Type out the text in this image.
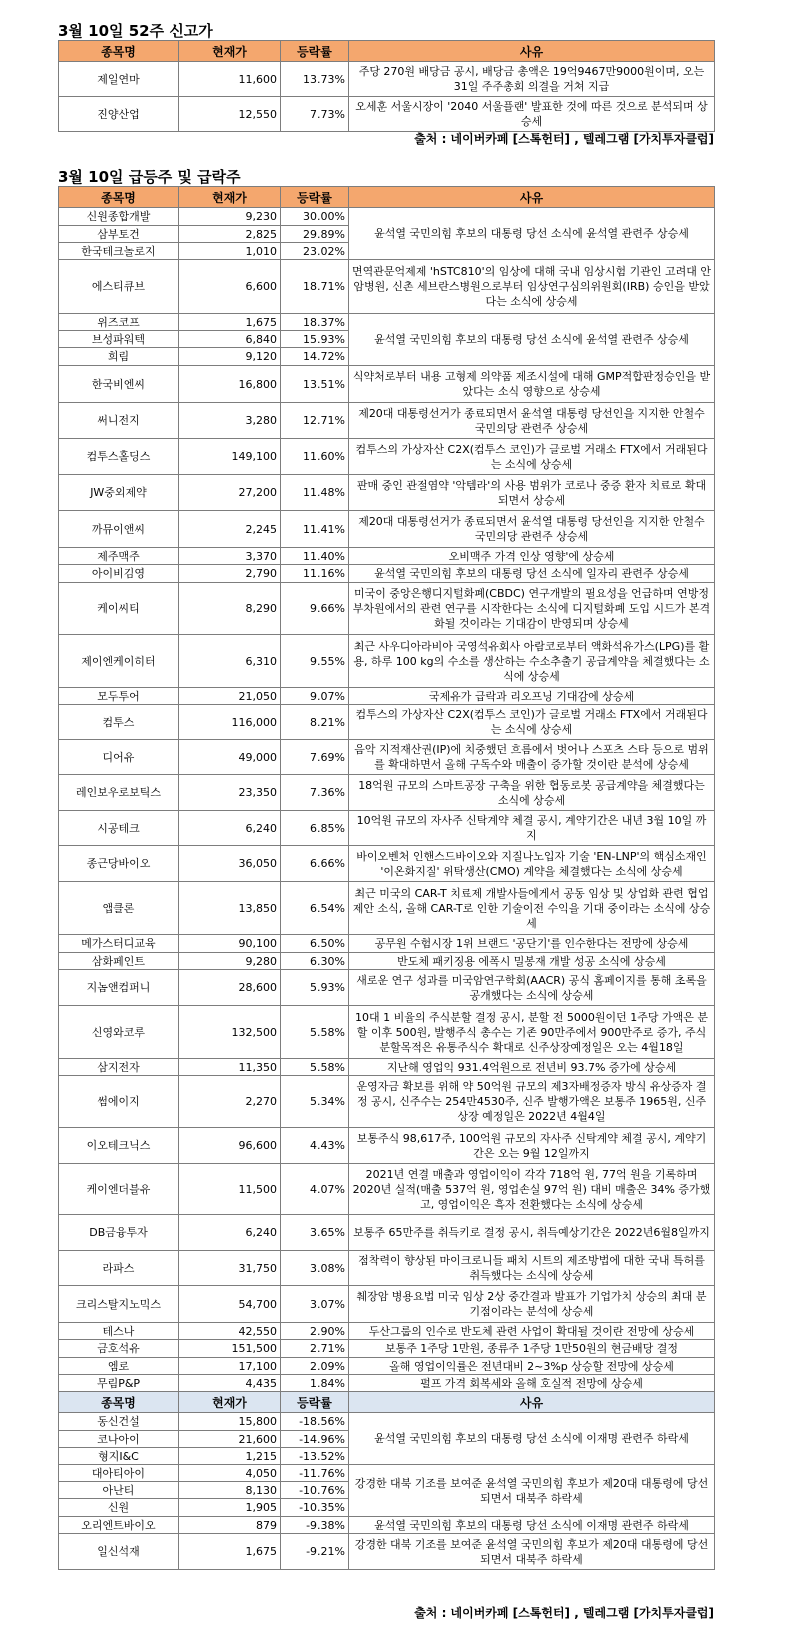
3월 10일 52주 신고가
종목명	현재가	등락률	사유
제일연마	11,600	13.73%	주당 270원 배당금 공시, 배당금 총액은 19억9467만9000원이며, 오는 31일 주주총회 의결을 거쳐 지급
진양산업	12,550	7.73%	오세훈 서울시장이 '2040 서울플랜' 발표한 것에 따른 것으로 분석되며 상승세
출처 : 네이버카페 [스톡헌터] , 텔레그램 [가치투자클럽]
3월 10일 급등주 및 급락주
종목명	현재가	등락률	사유
신원종합개발	9,230	30.00%	윤석열 국민의힘 후보의 대통령 당선 소식에 윤석열 관련주 상승세
삼부토건	2,825	29.89%	
한국테크놀로지	1,010	23.02%	
에스티큐브	6,600	18.71%	면역관문억제제 'hSTC810'의 임상에 대해 국내 임상시험 기관인 고려대 안암병원, 신촌 세브란스병원으로부터 임상연구심의위원회(IRB) 승인을 받았다는 소식에 상승세
위즈코프	1,675	18.37%	윤석열 국민의힘 후보의 대통령 당선 소식에 윤석열 관련주 상승세
브성파워텍	6,840	15.93%	
희림	9,120	14.72%	
한국비엔씨	16,800	13.51%	식약처로부터 내용 고형제 의약품 제조시설에 대해 GMP적합판정승인을 받았다는 소식 영향으로 상승세
써니전지	3,280	12.71%	제20대 대통령선거가 종료되면서 윤석열 대통령 당선인을 지지한 안철수 국민의당 관련주 상승세
컴투스홀딩스	149,100	11.60%	컴투스의 가상자산 C2X(컴투스 코인)가 글로벌 거래소 FTX에서 거래된다는 소식에 상승세
JW중외제약	27,200	11.48%	판매 중인 관절염약 '악템라'의 사용 범위가 코로나 중증 환자 치료로 확대되면서 상승세
까뮤이앤씨	2,245	11.41%	제20대 대통령선거가 종료되면서 윤석열 대통령 당선인을 지지한 안철수 국민의당 관련주 상승세
제주맥주	3,370	11.40%	오비맥주 가격 인상 영향'에 상승세
아이비김영	2,790	11.16%	윤석열 국민의힘 후보의 대통령 당선 소식에 일자리 관련주 상승세
케이씨티	8,290	9.66%	미국이 중앙은행디지털화폐(CBDC) 연구개발의 필요성을 언급하며 연방정부차원에서의 관련 연구를 시작한다는 소식에 디지털화폐 도입 시드가 본격화될 것이라는 기대감이 반영되며 상승세
제이엔케이히터	6,310	9.55%	최근 사우디아라비아 국영석유회사 아람코로부터 액화석유가스(LPG)를 활용, 하루 100 kg의 수소를 생산하는 수소추출기 공급계약을 체결했다는 소식에 상승세
모두투어	21,050	9.07%	국제유가 급락과 리오프닝 기대감에 상승세
컴투스	116,000	8.21%	컴투스의 가상자산 C2X(컴투스 코인)가 글로벌 거래소 FTX에서 거래된다는 소식에 상승세
디어유	49,000	7.69%	음악 지적재산권(IP)에 치중했던 흐름에서 벗어나 스포츠 스타 등으로 범위를 확대하면서 올해 구독수와 매출이 증가할 것이란 분석에 상승세
레인보우로보틱스	23,350	7.36%	18억원 규모의 스마트공장 구축을 위한 협동로봇 공급계약을 체결했다는 소식에 상승세
시공테크	6,240	6.85%	10억원 규모의 자사주 신탁계약 체결 공시, 계약기간은 내년 3월 10일 까지
종근당바이오	36,050	6.66%	바이오벤처 인핸스드바이오와 지질나노입자 기술 'EN-LNP'의 핵심소재인 '이온화지질' 위탁생산(CMO) 계약을 체결했다는 소식에 상승세
앱클론	13,850	6.54%	최근 미국의 CAR-T 치료제 개발사들에게서 공동 임상 및 상업화 관련 협업 제안 소식, 올해 CAR-T로 인한 기술이전 수익을 기대 중이라는 소식에 상승세
메가스터디교육	90,100	6.50%	공무원 수험시장 1위 브랜드 '공단기'를 인수한다는 전망에 상승세
삼화페인트	9,280	6.30%	반도체 패키징용 에폭시 밀봉재 개발 성공 소식에 상승세
지놈앤컴퍼니	28,600	5.93%	새로운 연구 성과를 미국암연구학회(AACR) 공식 홈페이지를 통해 초록을 공개했다는 소식에 상승세
신영와코루	132,500	5.58%	10대 1 비율의 주식분할 결정 공시, 분할 전 5000원이던 1주당 가액은 분할 이후 500원, 발행주식 총수는 기존 90만주에서 900만주로 증가, 주식분할목적은 유통주식수 확대로 신주상장예정일은 오는 4월18일
삼지전자	11,350	5.58%	지난해 영업익 931.4억원으로 전년비 93.7% 증가에 상승세
썸에이지	2,270	5.34%	운영자금 확보를 위해 약 50억원 규모의 제3자배정증자 방식 유상증자 결정 공시, 신주수는 254만4530주, 신주 발행가액은 보통주 1965원, 신주 상장 예정일은 2022년 4월4일
이오테크닉스	96,600	4.43%	보통주식 98,617주, 100억원 규모의 자사주 신탁계약 체결 공시, 계약기간은 오는 9월 12일까지
케이엔더블유	11,500	4.07%	2021년 연결 매출과 영업이익이 각각 718억 원, 77억 원을 기록하며 2020년 실적(매출 537억 원, 영업손실 97억 원) 대비 매출은 34% 증가했고, 영업이익은 흑자 전환했다는 소식에 상승세
DB금융투자	6,240	3.65%	보통주 65만주를 취득키로 결정 공시, 취득예상기간은 2022년6월8일까지
라파스	31,750	3.08%	점착력이 향상된 마이크로니들 패치 시트의 제조방법에 대한 국내 특허를 취득했다는 소식에 상승세
크리스탈지노믹스	54,700	3.07%	췌장암 병용요법 미국 임상 2상 중간결과 발표가 기업가치 상승의 최대 분기점이라는 분석에 상승세
테스나	42,550	2.90%	두산그룹의 인수로 반도체 관련 사업이 확대될 것이란 전망에 상승세
금호석유	151,500	2.71%	보통주 1주당 1만원, 종류주 1주당 1만50원의 현금배당 결정
엠로	17,100	2.09%	올해 영업이익률은 전년대비 2~3%p 상승할 전망에 상승세
무림P&P	4,435	1.84%	펄프 가격 회복세와 올해 호실적 전망에 상승세
종목명	현재가	등락률	사유
동신건설	15,800	-18.56%	윤석열 국민의힘 후보의 대통령 당선 소식에 이재명 관련주 하락세
코나아이	21,600	-14.96%	
형지I&C	1,215	-13.52%	
대아티아이	4,050	-11.76%	강경한 대북 기조를 보여준 윤석열 국민의힘 후보가 제20대 대통령에 당선되면서 대북주 하락세
아난티	8,130	-10.76%	
신원	1,905	-10.35%	
오리엔트바이오	879	-9.38%	윤석열 국민의힘 후보의 대통령 당선 소식에 이재명 관련주 하락세
일신석재	1,675	-9.21%	강경한 대북 기조를 보여준 윤석열 국민의힘 후보가 제20대 대통령에 당선되면서 대북주 하락세
출처 : 네이버카페 [스톡헌터] , 텔레그램 [가치투자클럽]
